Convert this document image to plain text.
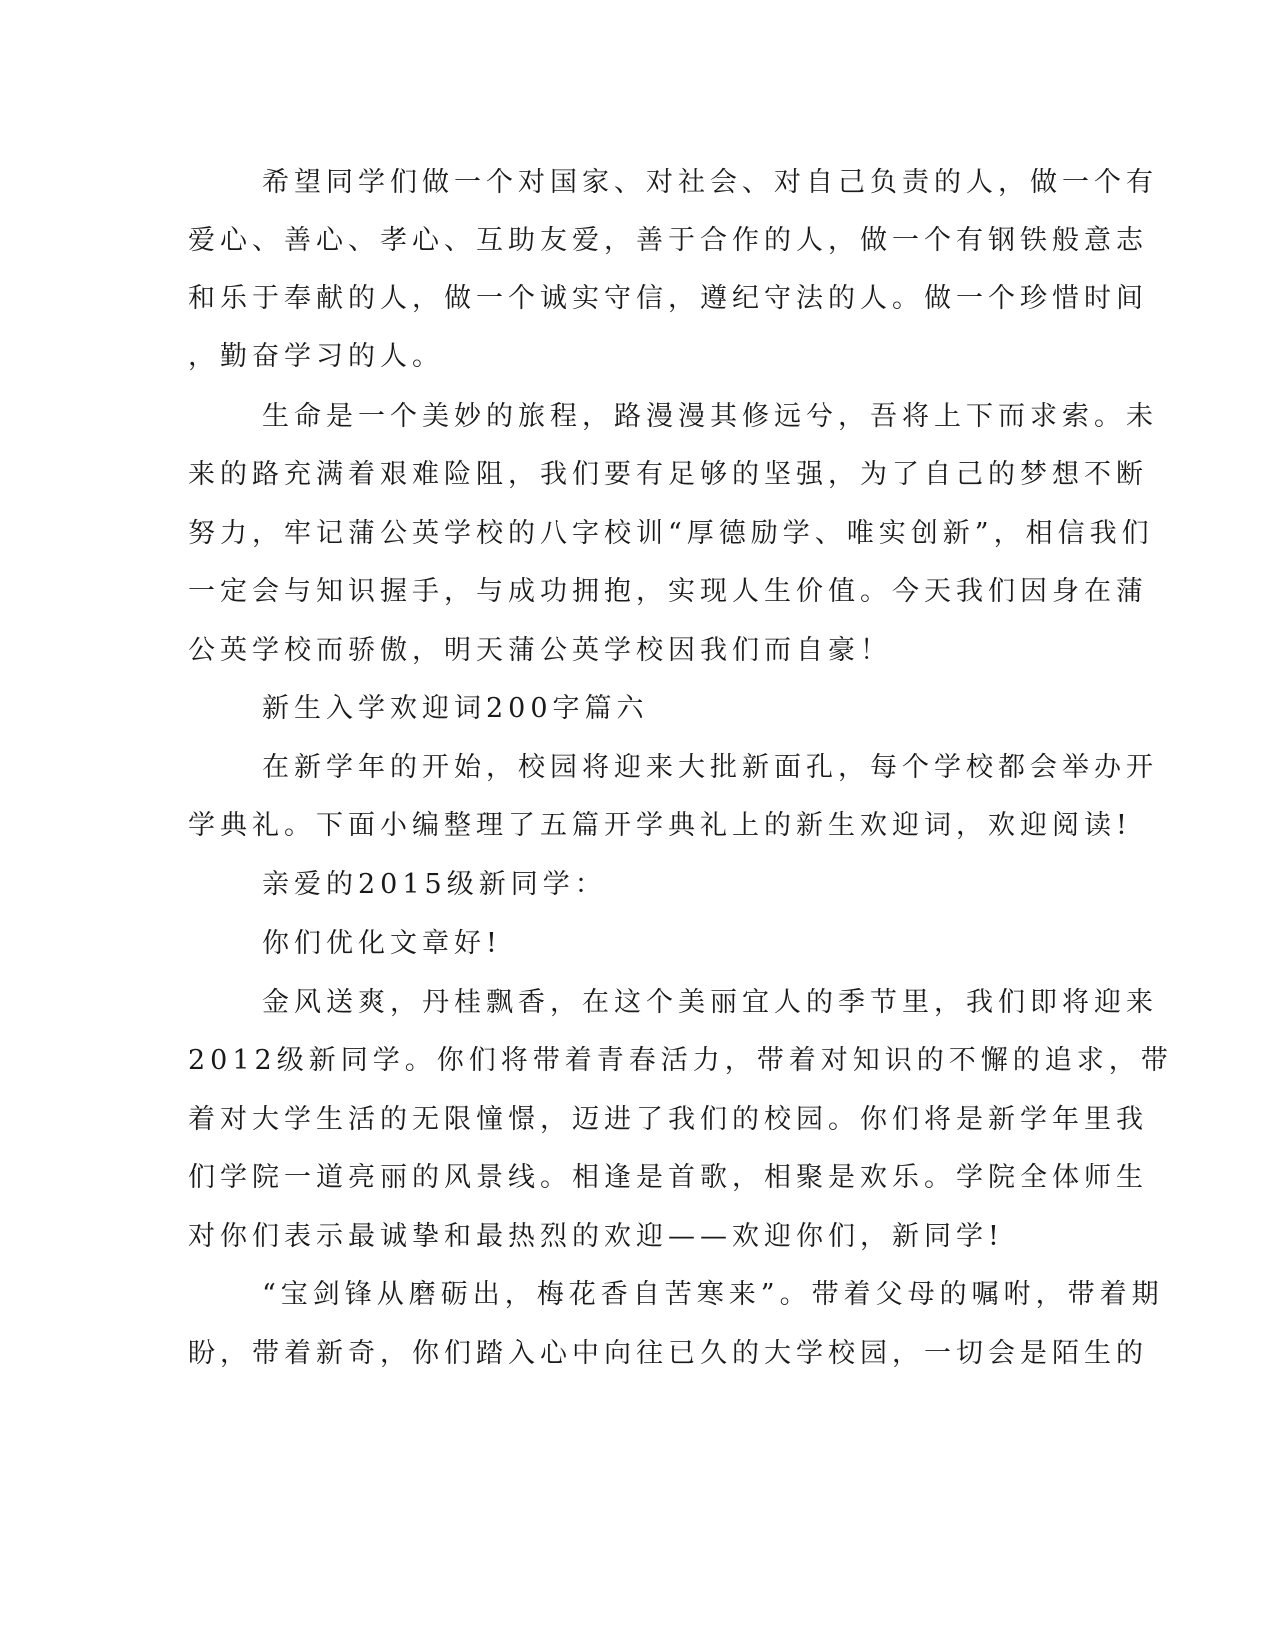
希望同学们做一个对国家、对社会、对自己负责的人，做一个有
爱心、善心、孝心、互助友爱，善于合作的人，做一个有钢铁般意志
和乐于奉献的人，做一个诚实守信，遵纪守法的人。做一个珍惜时间
，勤奋学习的人。
生命是一个美妙的旅程，路漫漫其修远兮，吾将上下而求索。未
来的路充满着艰难险阻，我们要有足够的坚强，为了自己的梦想不断
努力，牢记蒲公英学校的八字校训“厚德励学、唯实创新”，相信我们
一定会与知识握手，与成功拥抱，实现人生价值。今天我们因身在蒲
公英学校而骄傲，明天蒲公英学校因我们而自豪！
新生入学欢迎词200字篇六
在新学年的开始，校园将迎来大批新面孔，每个学校都会举办开
学典礼。下面小编整理了五篇开学典礼上的新生欢迎词，欢迎阅读!
亲爱的2015级新同学：
你们优化文章好!
金风送爽，丹桂飘香，在这个美丽宜人的季节里，我们即将迎来
2012级新同学。你们将带着青春活力，带着对知识的不懈的追求，带
着对大学生活的无限憧憬，迈进了我们的校园。你们将是新学年里我
们学院一道亮丽的风景线。相逢是首歌，相聚是欢乐。学院全体师生
对你们表示最诚挚和最热烈的欢迎——欢迎你们，新同学!
“宝剑锋从磨砺出，梅花香自苦寒来”。带着父母的嘱咐，带着期
盼，带着新奇，你们踏入心中向往已久的大学校园，一切会是陌生的
